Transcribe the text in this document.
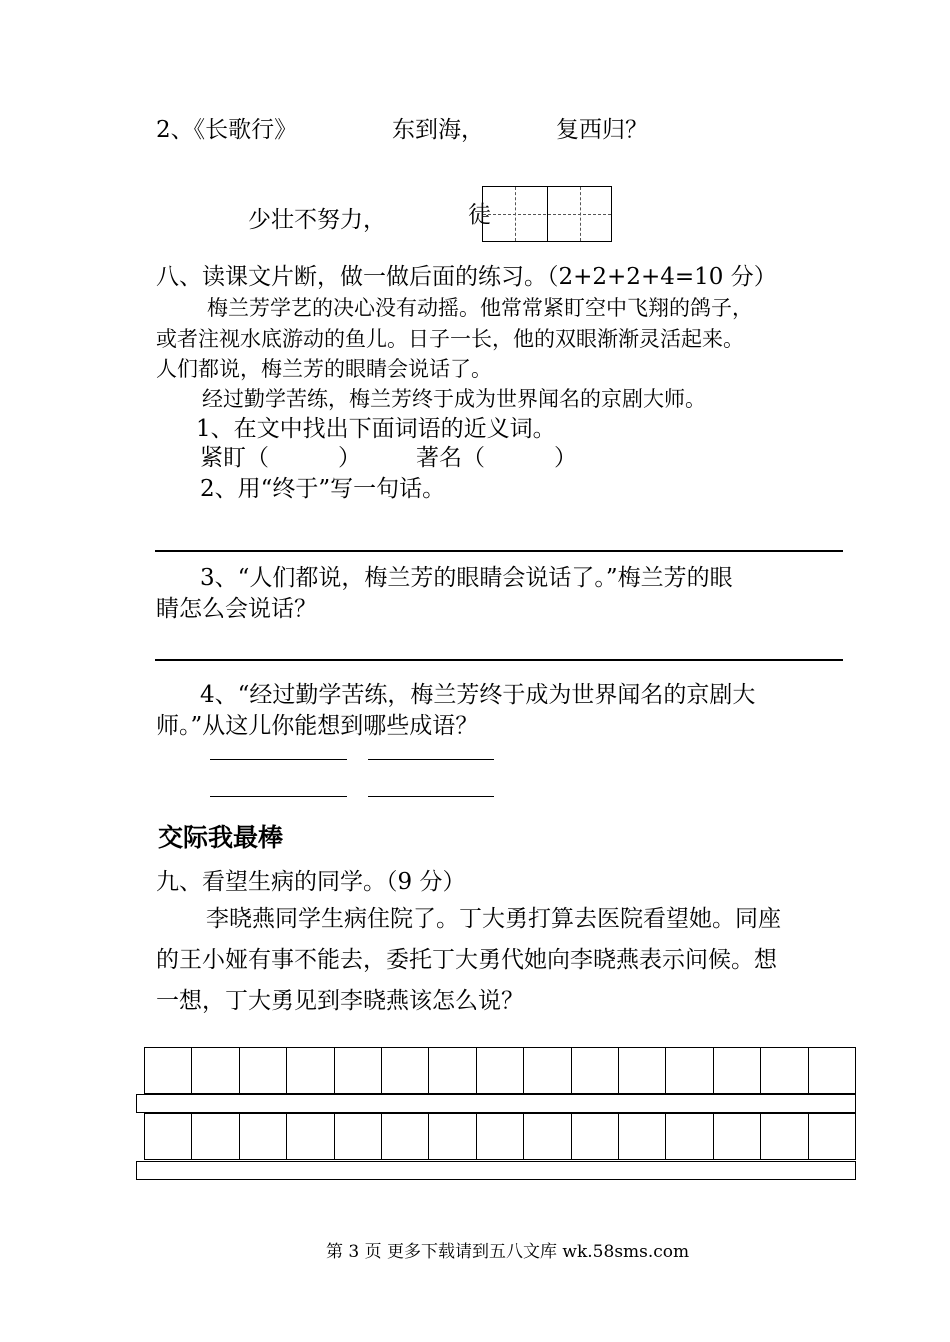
2、《长歌行》	东到海，	复西归？
少壮不努力，	徒
八、读课文片断，做一做后面的练习。（2+2+2+4=10 分）
梅兰芳学艺的决心没有动摇。他常常紧盯空中飞翔的鸽子，
或者注视水底游动的鱼儿。日子一长，他的双眼渐渐灵活起来。
人们都说，梅兰芳的眼睛会说话了。
经过勤学苦练，梅兰芳终于成为世界闻名的京剧大师。
1、在文中找出下面词语的近义词。
紧盯（　　　） 著名（　　　）
2、用“终于”写一句话。
3、“人们都说，梅兰芳的眼睛会说话了。”梅兰芳的眼
睛怎么会说话？
4、“经过勤学苦练，梅兰芳终于成为世界闻名的京剧大
师。”从这儿你能想到哪些成语？
交际我最棒
九、看望生病的同学。（9 分）
李晓燕同学生病住院了。丁大勇打算去医院看望她。同座
的王小娅有事不能去，委托丁大勇代她向李晓燕表示问候。想
一想，丁大勇见到李晓燕该怎么说？
第 3 页 更多下载请到五八文库 wk.58sms.com
